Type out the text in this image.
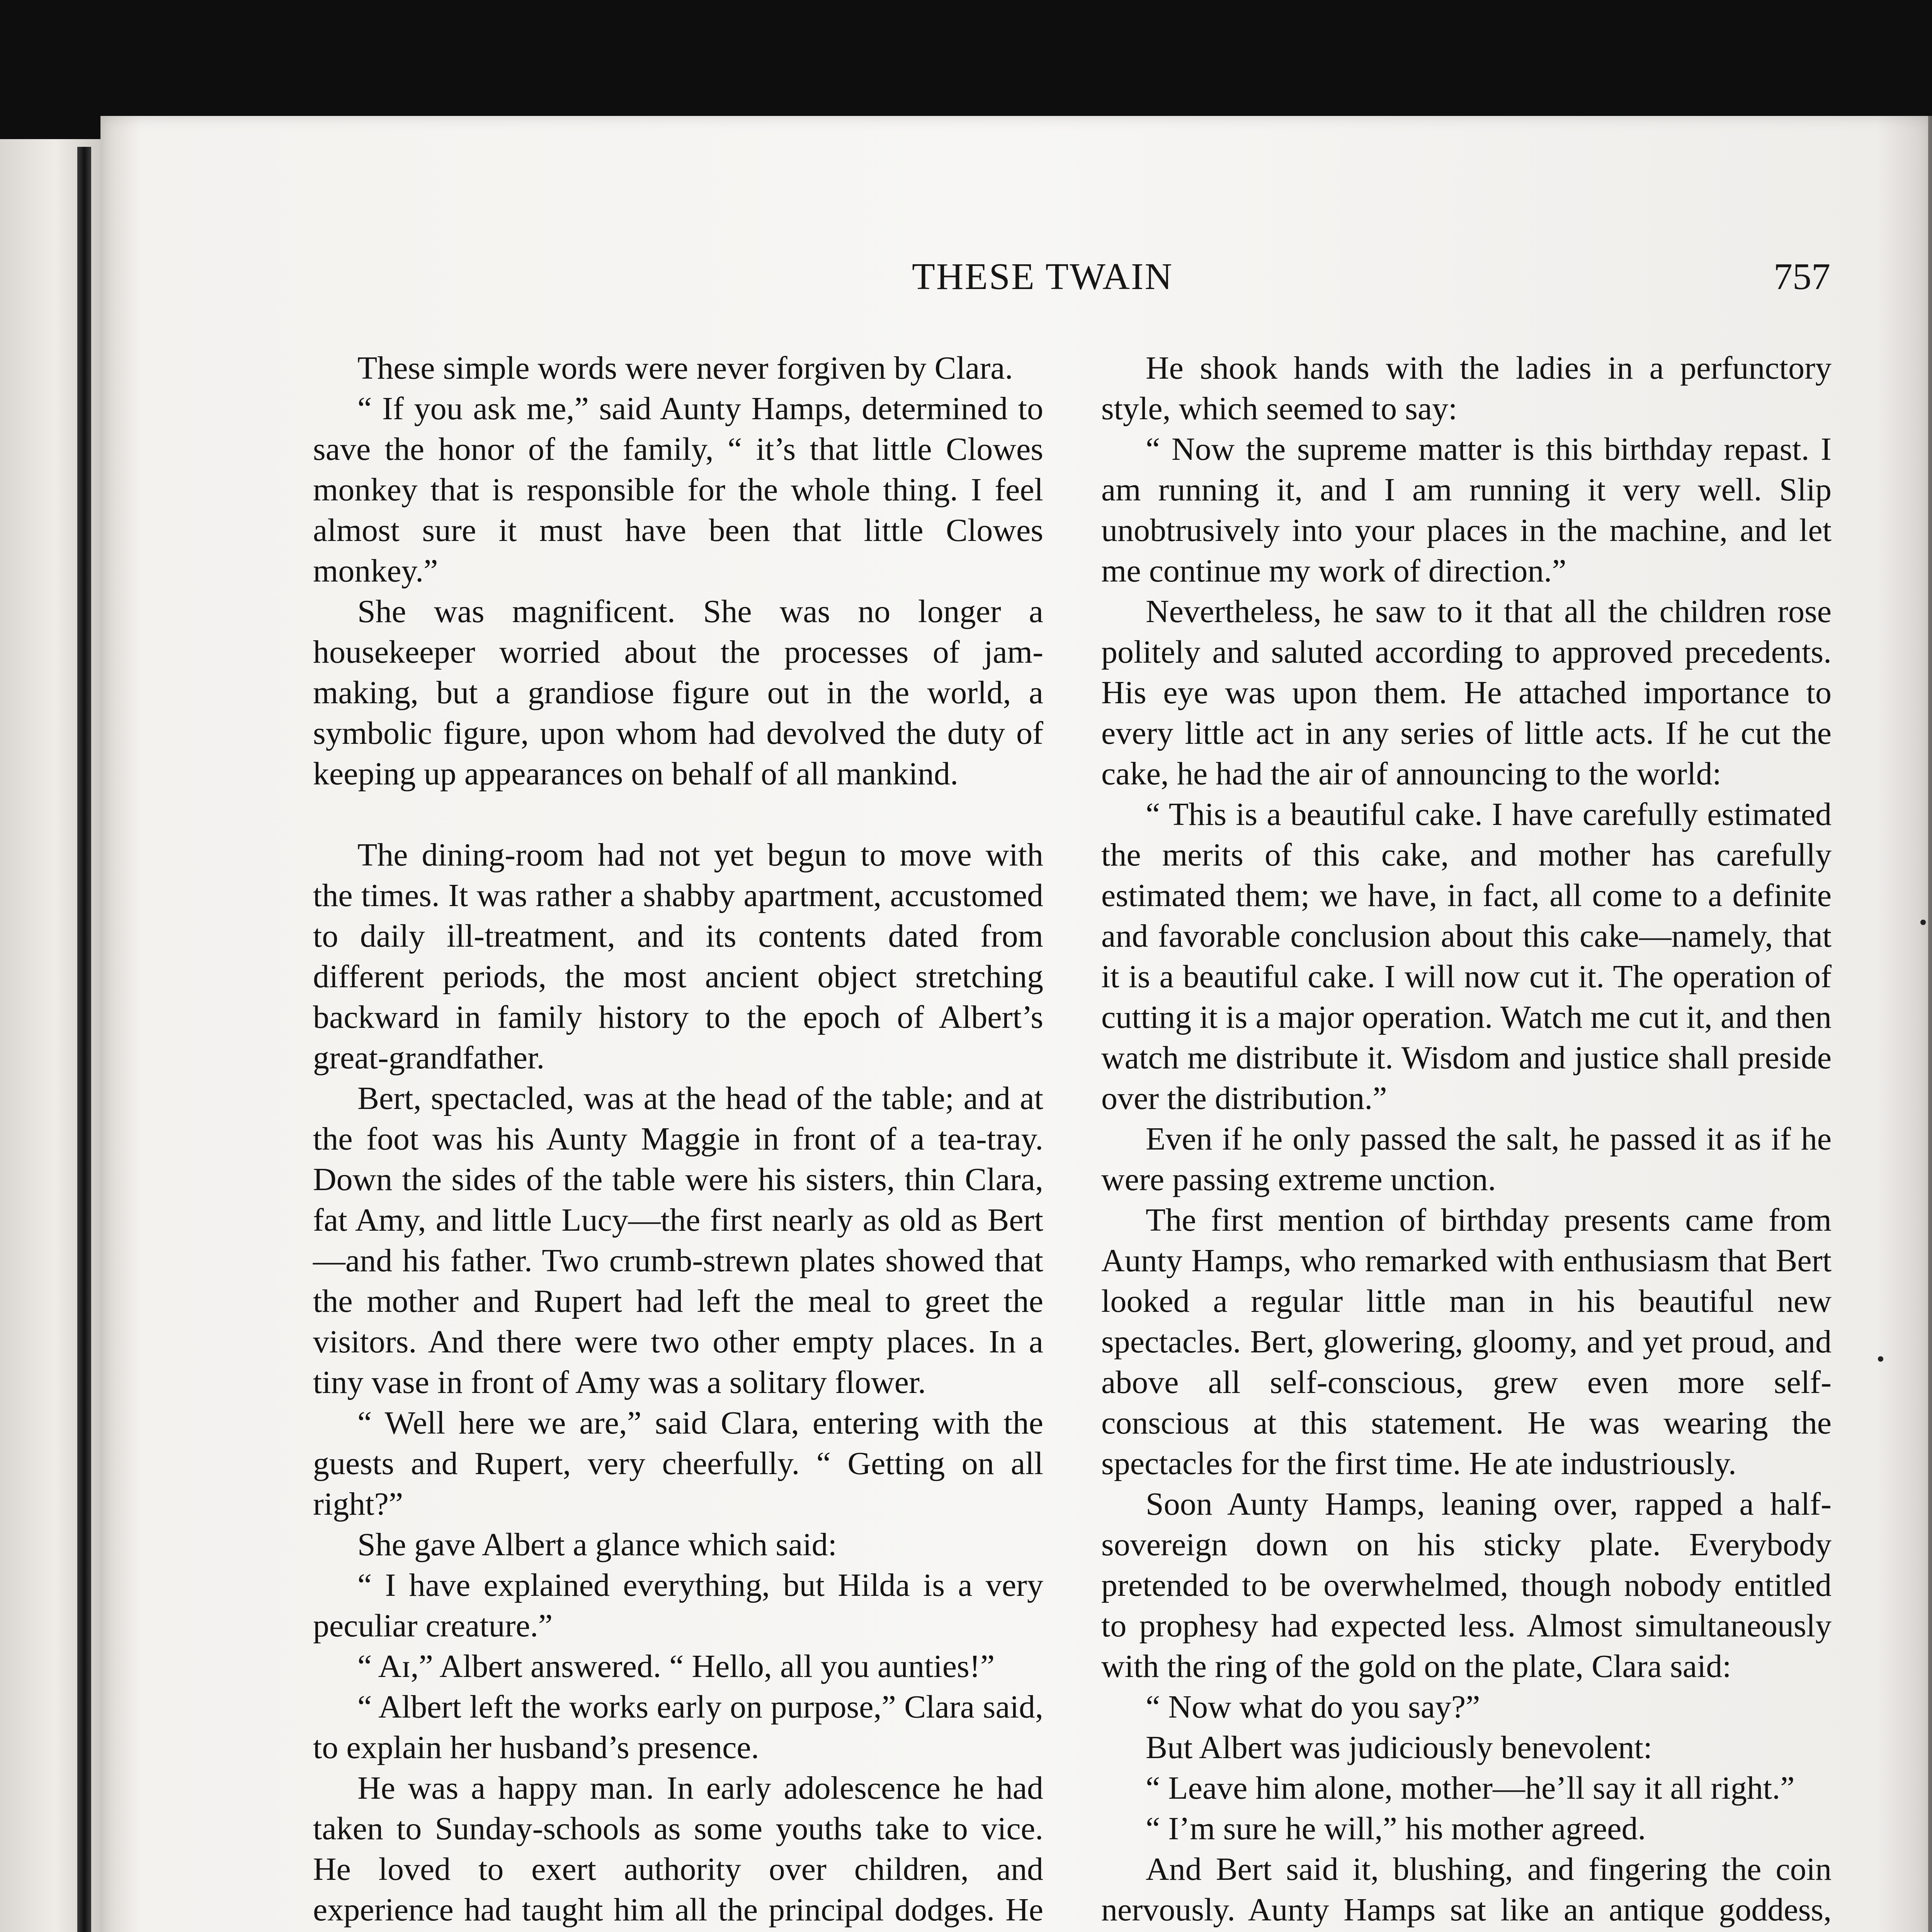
THESE TWAIN	757

These simple words were never forgiven by Clara.

“ If you ask me,” said Aunty Hamps, determined to save the honor of the family, “ it’s that little Clowes monkey that is responsible for the whole thing. I feel almost sure it must have been that little Clowes monkey.”

She was magnificent. She was no longer a housekeeper worried about the processes of jam-making, but a grandiose figure out in the world, a symbolic figure, upon whom had devolved the duty of keeping up appearances on behalf of all mankind.

The dining-room had not yet begun to move with the times. It was rather a shabby apartment, accustomed to daily ill-treatment, and its contents dated from different periods, the most ancient object stretching backward in family history to the epoch of Albert’s great-grandfather.

Bert, spectacled, was at the head of the table; and at the foot was his Aunty Maggie in front of a tea-tray. Down the sides of the table were his sisters, thin Clara, fat Amy, and little Lucy—the first nearly as old as Bert—and his father. Two crumb-strewn plates showed that the mother and Rupert had left the meal to greet the visitors. And there were two other empty places. In a tiny vase in front of Amy was a solitary flower.

“ Well here we are,” said Clara, entering with the guests and Rupert, very cheerfully. “ Getting on all right?”

She gave Albert a glance which said:

“ I have explained everything, but Hilda is a very peculiar creature.”

“ Aɪ,” Albert answered. “ Hello, all you aunties!”

“ Albert left the works early on purpose,” Clara said, to explain her husband’s presence.

He was a happy man. In early adolescence he had taken to Sunday-schools as some youths take to vice. He loved to exert authority over children, and experience had taught him all the principal dodges. He

He shook hands with the ladies in a perfunctory style, which seemed to say:

“ Now the supreme matter is this birthday repast. I am running it, and I am running it very well. Slip unobtrusively into your places in the machine, and let me continue my work of direction.”

Nevertheless, he saw to it that all the children rose politely and saluted according to approved precedents. His eye was upon them. He attached importance to every little act in any series of little acts. If he cut the cake, he had the air of announcing to the world:

“ This is a beautiful cake. I have carefully estimated the merits of this cake, and mother has carefully estimated them; we have, in fact, all come to a definite and favorable conclusion about this cake—namely, that it is a beautiful cake. I will now cut it. The operation of cutting it is a major operation. Watch me cut it, and then watch me distribute it. Wisdom and justice shall preside over the distribution.”

Even if he only passed the salt, he passed it as if he were passing extreme unction.

The first mention of birthday presents came from Aunty Hamps, who remarked with enthusiasm that Bert looked a regular little man in his beautiful new spectacles. Bert, glowering, gloomy, and yet proud, and above all self-conscious, grew even more self-conscious at this statement. He was wearing the spectacles for the first time. He ate industriously.

Soon Aunty Hamps, leaning over, rapped a half-sovereign down on his sticky plate. Everybody pretended to be overwhelmed, though nobody entitled to prophesy had expected less. Almost simultaneously with the ring of the gold on the plate, Clara said:

“ Now what do you say?”

But Albert was judiciously benevolent:

“ Leave him alone, mother—he’ll say it all right.”

“ I’m sure he will,” his mother agreed.

And Bert said it, blushing, and fingering the coin nervously. Aunty Hamps sat like an antique goddess,
